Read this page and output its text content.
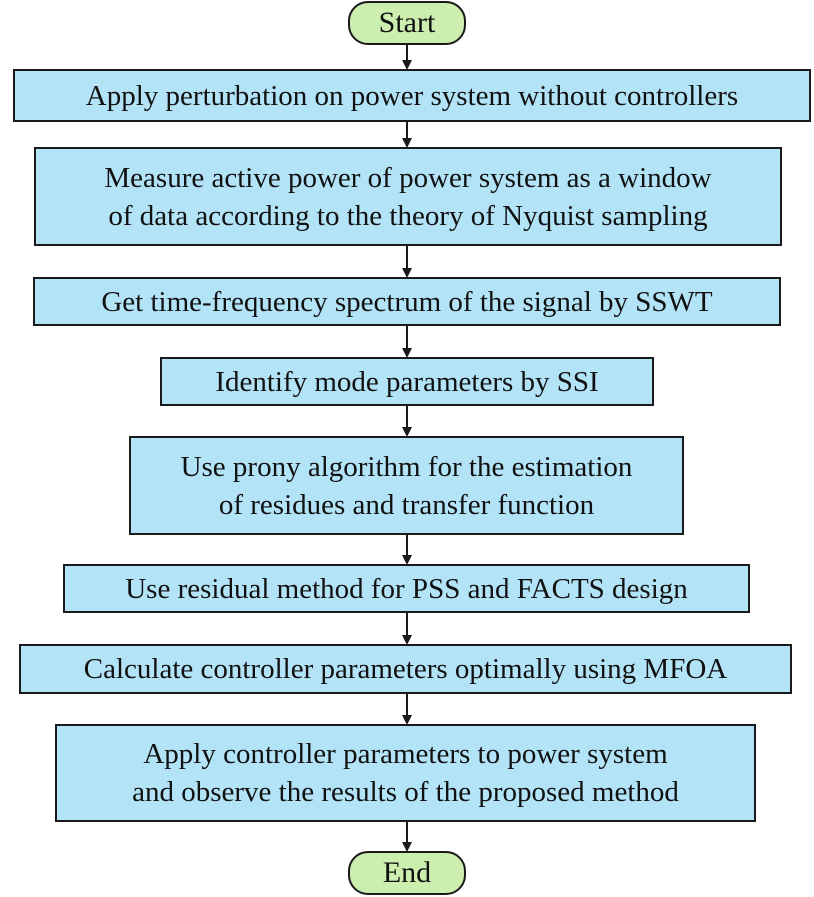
Start
Apply perturbation on power system without controllers
Measure active power of power system as a window
of data according to the theory of Nyquist sampling
Get time-frequency spectrum of the signal by SSWT
Identify mode parameters by SSI
Use prony algorithm for the estimation
of residues and transfer function
Use residual method for PSS and FACTS design
Calculate controller parameters optimally using MFOA
Apply controller parameters to power system
and observe the results of the proposed method
End
